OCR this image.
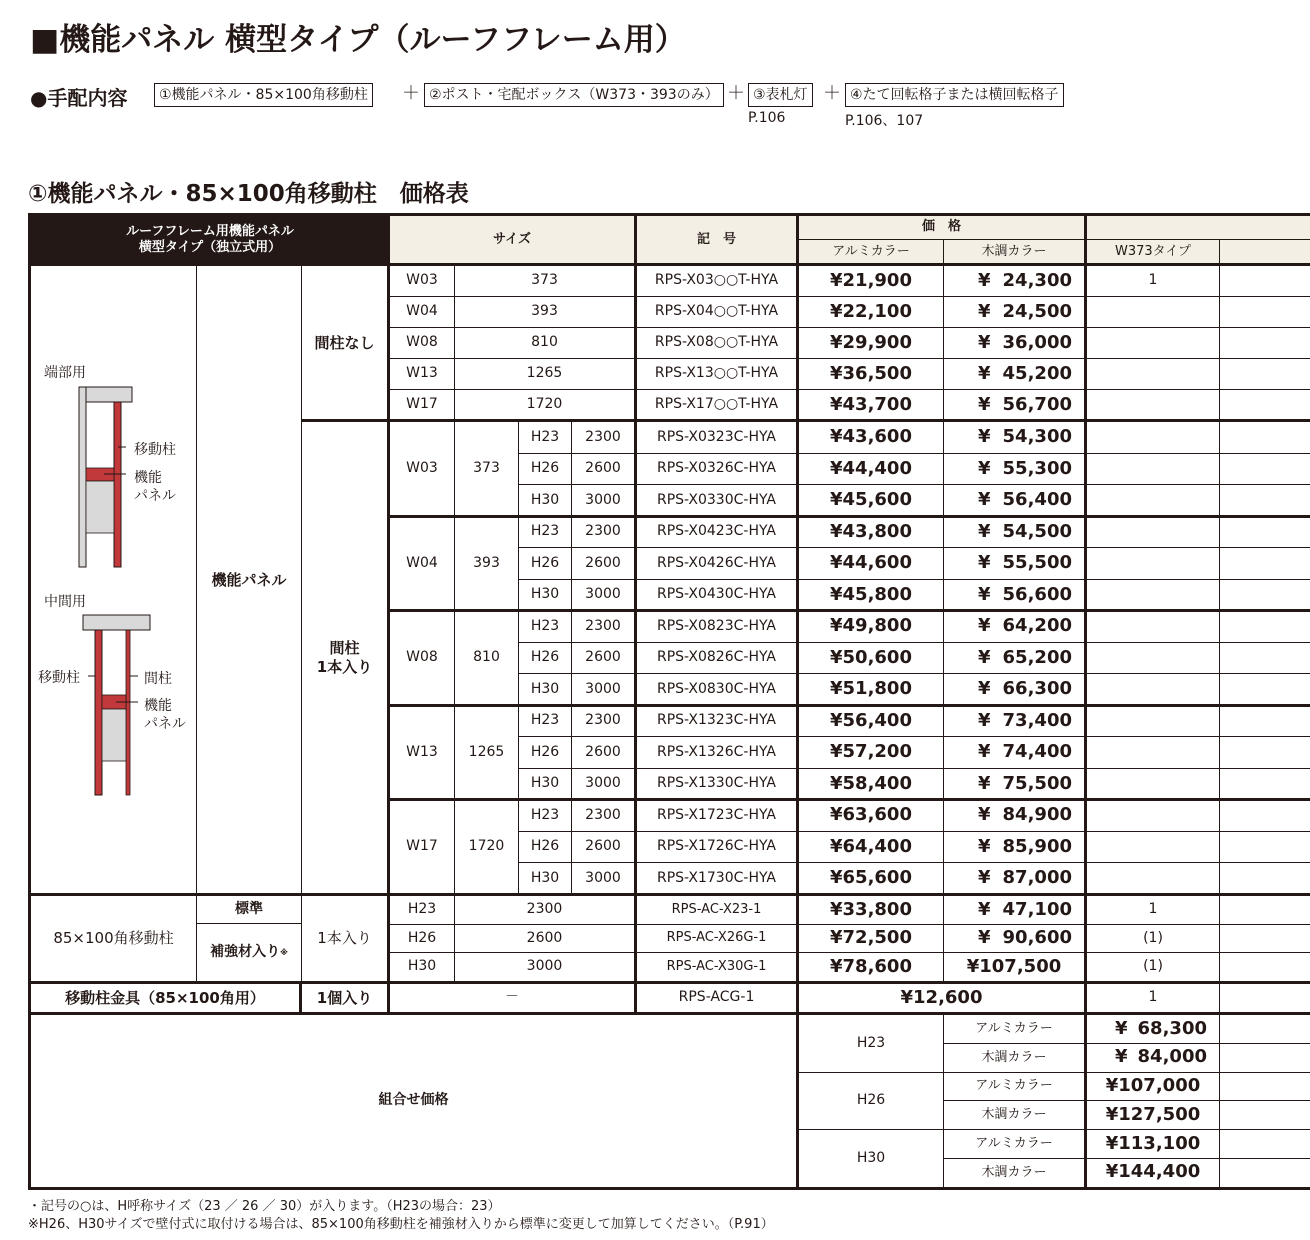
■機能パネル 横型タイプ（ルーフフレーム用）
●手配内容	①機能パネル・85×100角移動柱 ＋ ②ポスト・宅配ボックス（W373・393のみ） ＋ ③表札灯
P.106
＋ ④たて回転格子または横回転格子
P.106、107
①機能パネル・85×100角移動柱　価格表
ルーフフレーム用機能パネル
横型タイプ（独立式用）
サイズ	記　号
価　格
アルミカラー	木調カラー	W373タイプ
端部用
移動柱
機能
パネル
中間用
移動柱	間柱
機能
パネル
機能パネル
間柱なし
間柱
1本入り
W03	373	RPS-X03○○T-HYA	¥21,900	¥ 24,300	1
W04	393	RPS-X04○○T-HYA	¥22,100	¥ 24,500
W08	810	RPS-X08○○T-HYA	¥29,900	¥ 36,000
W13	1265	RPS-X13○○T-HYA	¥36,500	¥ 45,200
W17	1720	RPS-X17○○T-HYA	¥43,700	¥ 56,700
W03	373
H23	2300	RPS-X0323C-HYA	¥43,600	¥ 54,300
H26	2600	RPS-X0326C-HYA	¥44,400	¥ 55,300
H30	3000	RPS-X0330C-HYA	¥45,600	¥ 56,400
W04	393
H23	2300	RPS-X0423C-HYA	¥43,800	¥ 54,500
H26	2600	RPS-X0426C-HYA	¥44,600	¥ 55,500
H30	3000	RPS-X0430C-HYA	¥45,800	¥ 56,600
W08	810
H23	2300	RPS-X0823C-HYA	¥49,800	¥ 64,200
H26	2600	RPS-X0826C-HYA	¥50,600	¥ 65,200
H30	3000	RPS-X0830C-HYA	¥51,800	¥ 66,300
W13	1265
H23	2300	RPS-X1323C-HYA	¥56,400	¥ 73,400
H26	2600	RPS-X1326C-HYA	¥57,200	¥ 74,400
H30	3000	RPS-X1330C-HYA	¥58,400	¥ 75,500
W17	1720
H23	2300	RPS-X1723C-HYA	¥63,600	¥ 84,900
H26	2600	RPS-X1726C-HYA	¥64,400	¥ 85,900
H30	3000	RPS-X1730C-HYA	¥65,600	¥ 87,000
85×100角移動柱
標準
補強材入り ※
1本入り
H23	2300	RPS-AC-X23-1	¥33,800	¥ 47,100	1
H26	2600	RPS-AC-X26G-1	¥72,500	¥ 90,600	(1)
H30	3000	RPS-AC-X30G-1	¥78,600	¥107,500	(1)
移動柱金具（85×100角用）	1個入り	－	RPS-ACG-1	¥12,600	1
組合せ価格
H23
アルミカラー	¥ 68,300
木調カラー	¥ 84,000
H26
アルミカラー	¥107,000
木調カラー	¥127,500
H30
アルミカラー	¥113,100
木調カラー	¥144,400
・記号の○は、H呼称サイズ（23 ／ 26 ／ 30）が入ります。（H23の場合：23）
※H26、H30サイズで壁付式に取付ける場合は、85×100角移動柱を補強材入りから標準に変更して加算してください。（P.91）
